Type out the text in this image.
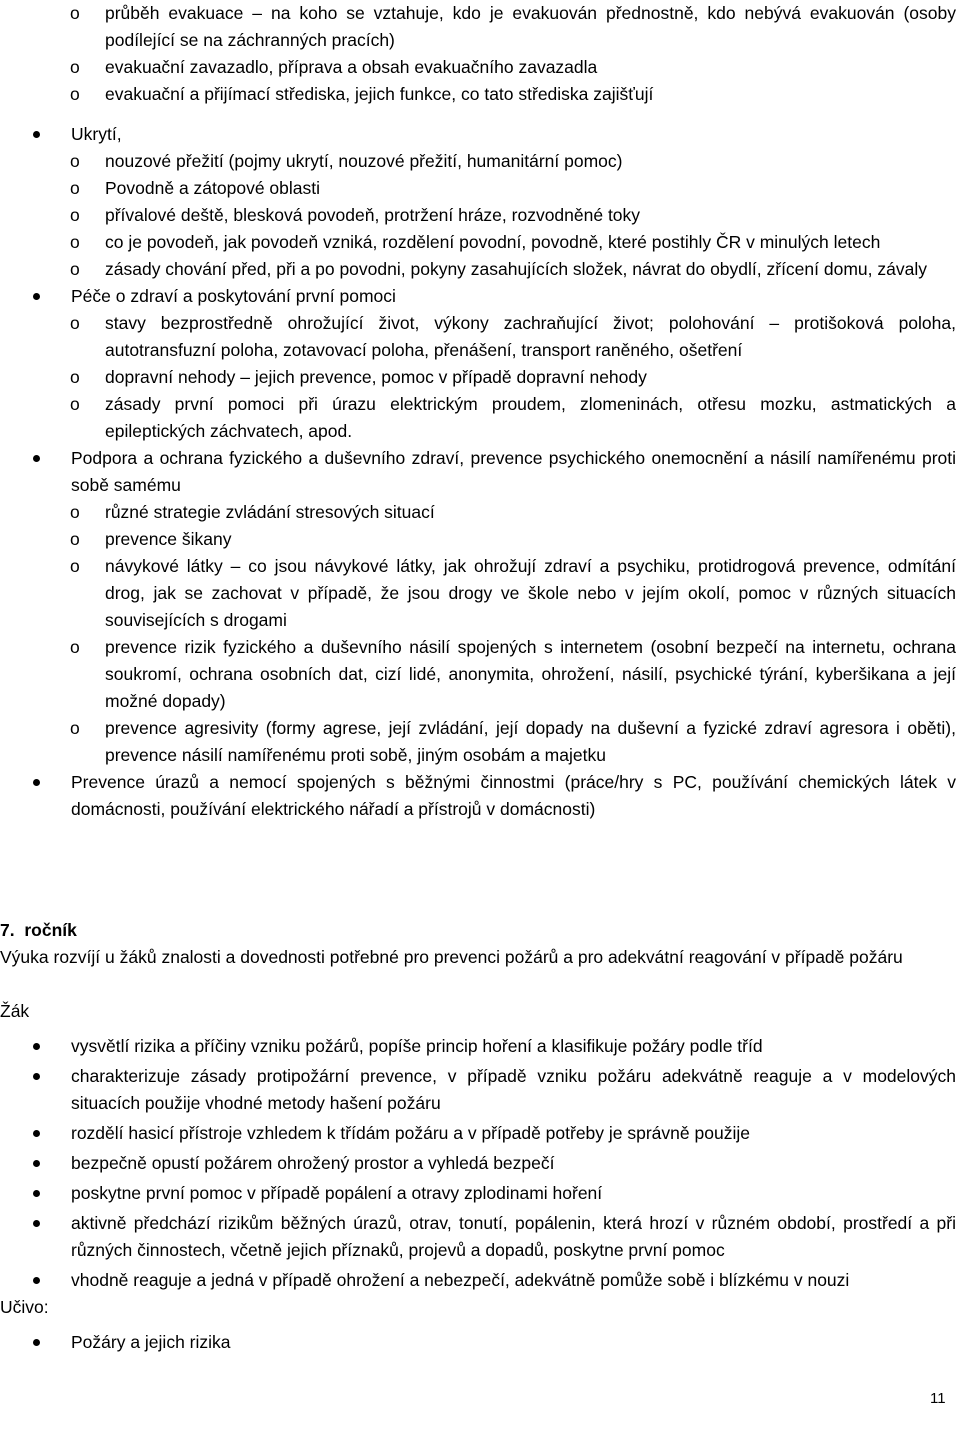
o průběh evakuace – na koho se vztahuje, kdo je evakuován přednostně, kdo nebývá evakuován (osoby podílející se na záchranných pracích)
o evakuační zavazadlo, příprava a obsah evakuačního zavazadla
o evakuační a přijímací střediska, jejich funkce, co tato střediska zajišťují
Ukrytí,
o nouzové přežití (pojmy ukrytí, nouzové přežití, humanitární pomoc)
o Povodně a zátopové oblasti
o přívalové deště, blesková povodeň, protržení hráze, rozvodněné toky
o co je povodeň, jak povodeň vzniká, rozdělení povodní, povodně, které postihly ČR v minulých letech
o zásady chování před, při a po povodni, pokyny zasahujících složek, návrat do obydlí, zřícení domu, závaly
Péče o zdraví a poskytování první pomoci
o stavy bezprostředně ohrožující život, výkony zachraňující život; polohování – protišoková poloha, autotransfuzní poloha, zotavovací poloha, přenášení, transport raněného, ošetření
o dopravní nehody – jejich prevence, pomoc v případě dopravní nehody
o zásady první pomoci při úrazu elektrickým proudem, zlomeninách, otřesu mozku, astmatických a epileptických záchvatech, apod.
Podpora a ochrana fyzického a duševního zdraví, prevence psychického onemocnění a násilí namířenému proti sobě samému
o různé strategie zvládání stresových situací
o prevence šikany
o návykové látky – co jsou návykové látky, jak ohrožují zdraví a psychiku, protidrogová prevence, odmítání drog, jak se zachovat v případě, že jsou drogy ve škole nebo v jejím okolí, pomoc v různých situacích souvisejících s drogami
o prevence rizik fyzického a duševního násilí spojených s internetem (osobní bezpečí na internetu, ochrana soukromí, ochrana osobních dat, cizí lidé, anonymita, ohrožení, násilí, psychické týrání, kyberšikana a její možné dopady)
o prevence agresivity (formy agrese, její zvládání, její dopady na duševní a fyzické zdraví agresora i oběti), prevence násilí namířenému proti sobě, jiným osobám a majetku
Prevence úrazů a nemocí spojených s běžnými činnostmi (práce/hry s PC, používání chemických látek v domácnosti, používání elektrického nářadí a přístrojů v domácnosti)
7. ročník
Výuka rozvíjí u žáků znalosti a dovednosti potřebné pro prevenci požárů a pro adekvátní reagování v případě požáru
Žák
vysvětlí rizika a příčiny vzniku požárů, popíše princip hoření a klasifikuje požáry podle tříd
charakterizuje zásady protipožární prevence, v případě vzniku požáru adekvátně reaguje a v modelových situacích použije vhodné metody hašení požáru
rozdělí hasicí přístroje vzhledem k třídám požáru a v případě potřeby je správně použije
bezpečně opustí požárem ohrožený prostor a vyhledá bezpečí
poskytne první pomoc v případě popálení a otravy zplodinami hoření
aktivně předchází rizikům běžných úrazů, otrav, tonutí, popálenin, která hrozí v různém období, prostředí a při různých činnostech, včetně jejich příznaků, projevů a dopadů, poskytne první pomoc
vhodně reaguje a jedná v případě ohrožení a nebezpečí, adekvátně pomůže sobě i blízkému v nouzi
Učivo:
Požáry a jejich rizika
11
